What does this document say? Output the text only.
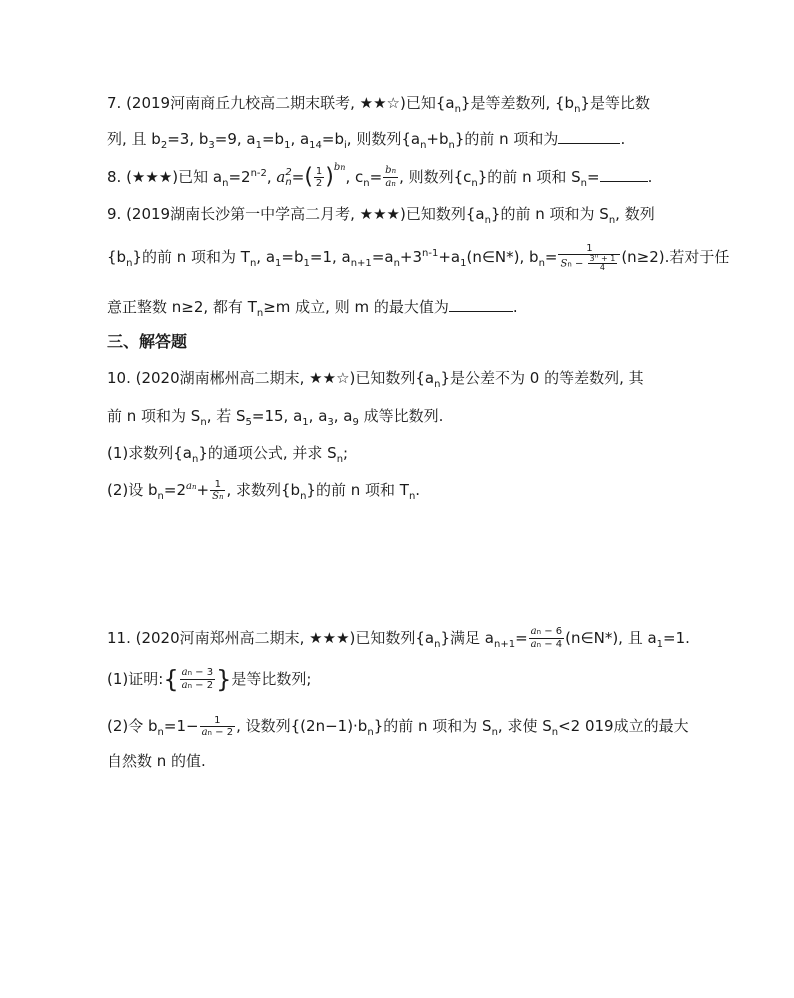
7. (2019河南商丘九校高二期末联考, ★★☆)已知$\{a_n\}$是等差数列, $\{b_n\}$是等比数
列, 且 $b_2=3$, $b_3=9$, $a_1=b_1$, $a_{14}=b_i$, 则数列$\{a_n+b_n\}$的前 n 项和为	.
8. (★★★)已知 $a_n=2^{n-2}$, a 2
n =( $\frac{1}{2} )^{bn}$, $c_n= \frac{bn}{an}$ , 则数列$\{c_n\}$的前 n 项和 $S_n=$	.
9. (2019湖南长沙第一中学高二月考, ★★★)已知数列$\{a_n\}$的前 n 项和为 $S_n$, 数列
$\{b_n\}$的前 n 项和为 $T_n$, $a_1=b_1=1$, $a_{n+1}=a_n+3^{n-1}+a_1(n\in N*)$, $b_n= \frac{1}{Sn - \frac{3^n + 1}{4}} (n\ge 2)$.若对于任
意正整数 n≥2, 都有 $T_n\ge m$ 成立, 则 m 的最大值为	.
三、解答题
10. (2020湖南郴州高二期末, ★★☆)已知数列$\{a_n\}$是公差不为 0 的等差数列, 其
前 n 项和为 $S_n$, 若 $S_5=15$, $a_1$, $a_3$, $a_9$ 成等比数列.
(1)求数列$\{a_n\}$的通项公式, 并求 $S_n$;
(2)设 $b_n=2^{an}+ \frac{1}{Sn}$ , 求数列$\{b_n\}$的前 n 项和 $T_n$.
11. (2020河南郑州高二期末, ★★★)已知数列$\{a_n\}$满足 $a_{n+1}= \frac{an - 6}{an - 4}$ (n∈N*), 且 $a_1=1$.
(1)证明:{ $\frac{an - 3}{an - 2}$ }是等比数列;
(2)令 $b_n=1- \frac{1}{an - 2}$ , 设数列$\{(2n-1)\cdot b_n\}$的前 n 项和为 $S_n$, 求使 $S_n<2$ 019成立的最大
自然数 n 的值.
